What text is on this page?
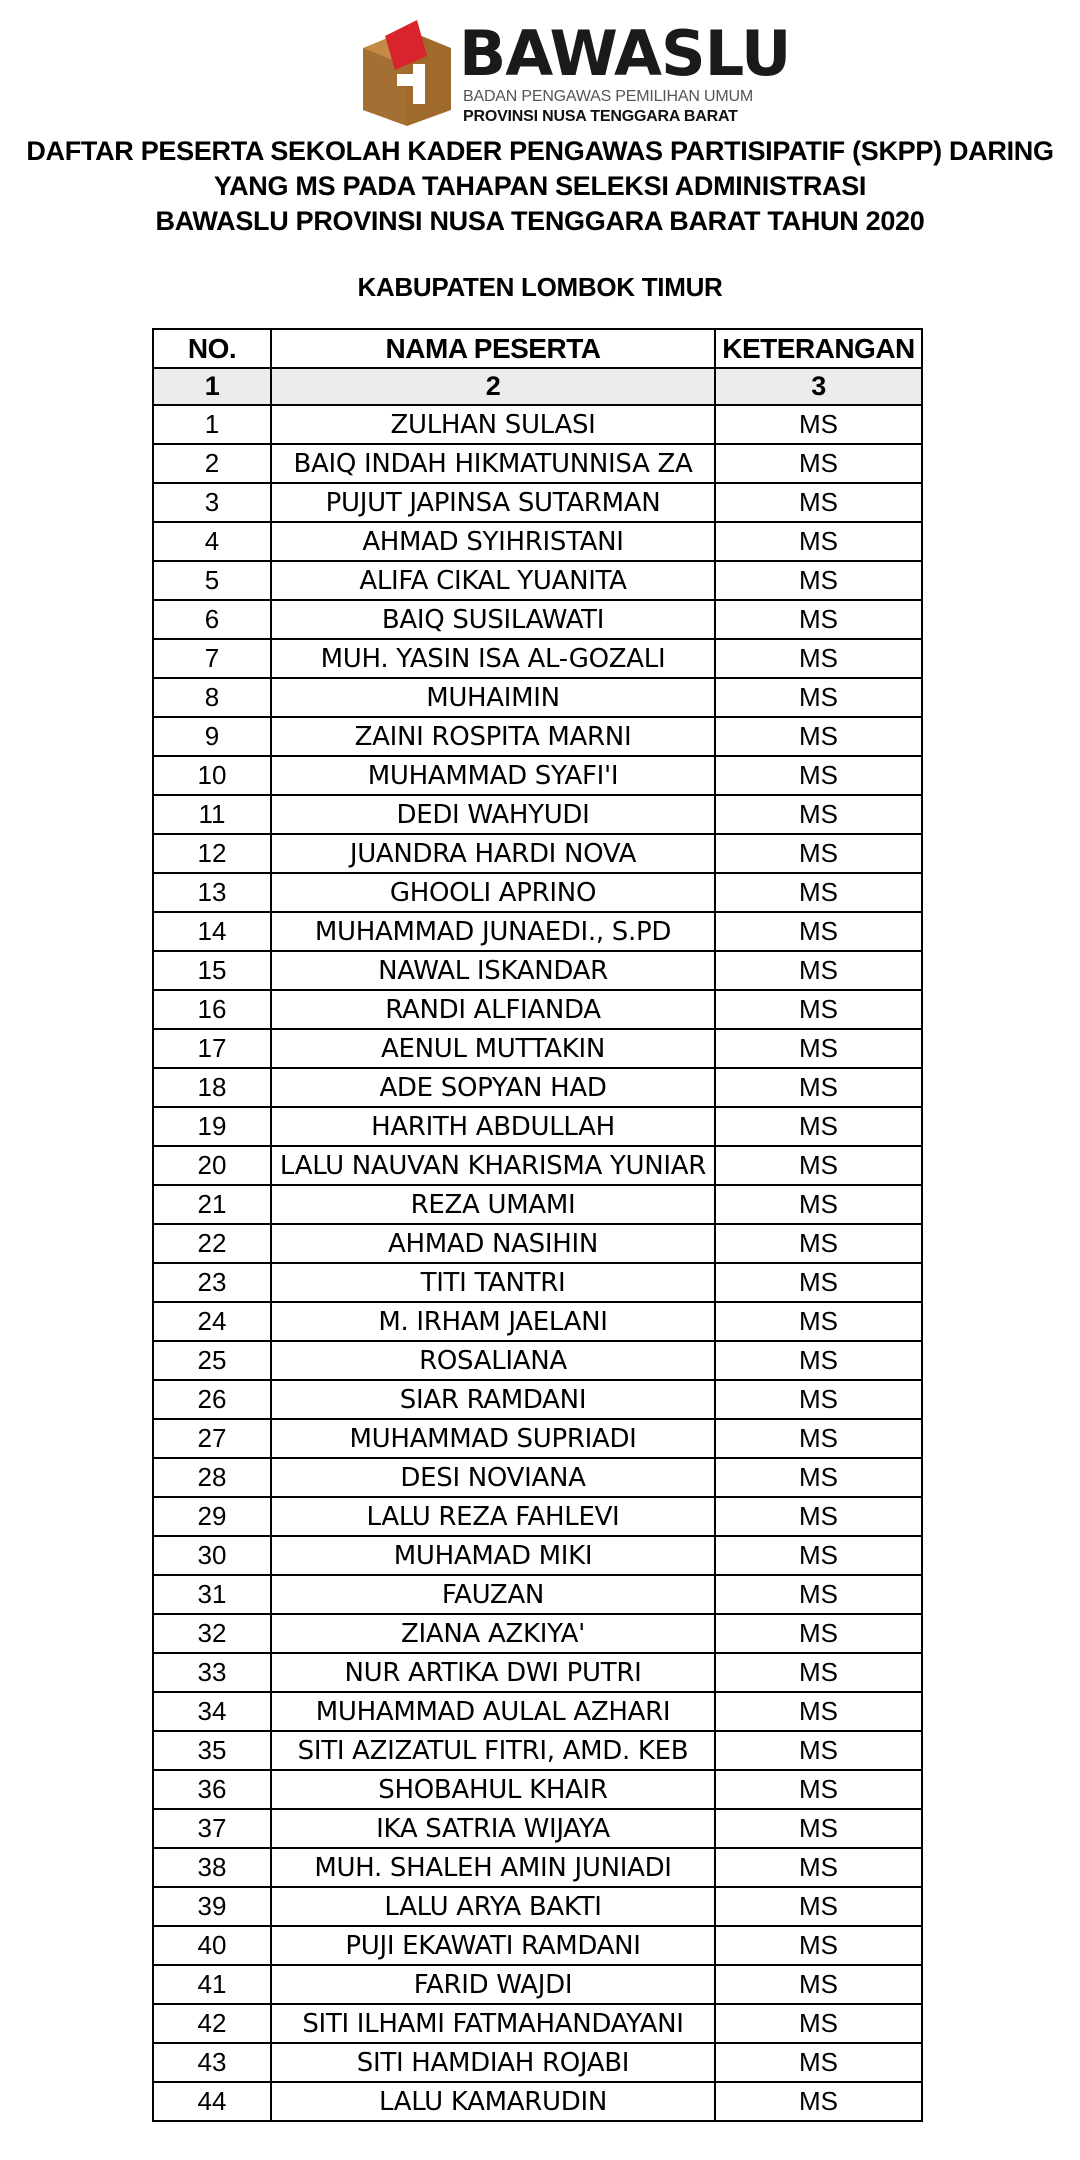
BAWASLU
BADAN PENGAWAS PEMILIHAN UMUM
PROVINSI NUSA TENGGARA BARAT
DAFTAR PESERTA SEKOLAH KADER PENGAWAS PARTISIPATIF (SKPP) DARING
YANG MS PADA TAHAPAN SELEKSI ADMINISTRASI
BAWASLU PROVINSI NUSA TENGGARA BARAT TAHUN 2020
KABUPATEN LOMBOK TIMUR
NO.	NAMA PESERTA	KETERANGAN
1	2	3
1	ZULHAN SULASI	MS
2	BAIQ INDAH HIKMATUNNISA ZA	MS
3	PUJUT JAPINSA SUTARMAN	MS
4	AHMAD SYIHRISTANI	MS
5	ALIFA CIKAL YUANITA	MS
6	BAIQ SUSILAWATI	MS
7	MUH. YASIN ISA AL-GOZALI	MS
8	MUHAIMIN	MS
9	ZAINI ROSPITA MARNI	MS
10	MUHAMMAD SYAFI'I	MS
11	DEDI WAHYUDI	MS
12	JUANDRA HARDI NOVA	MS
13	GHOOLI APRINO	MS
14	MUHAMMAD JUNAEDI., S.PD	MS
15	NAWAL ISKANDAR	MS
16	RANDI ALFIANDA	MS
17	AENUL MUTTAKIN	MS
18	ADE SOPYAN HAD	MS
19	HARITH ABDULLAH	MS
20	LALU NAUVAN KHARISMA YUNIAR	MS
21	REZA UMAMI	MS
22	AHMAD NASIHIN	MS
23	TITI TANTRI	MS
24	M. IRHAM JAELANI	MS
25	ROSALIANA	MS
26	SIAR RAMDANI	MS
27	MUHAMMAD SUPRIADI	MS
28	DESI NOVIANA	MS
29	LALU REZA FAHLEVI	MS
30	MUHAMAD MIKI	MS
31	FAUZAN	MS
32	ZIANA AZKIYA'	MS
33	NUR ARTIKA DWI PUTRI	MS
34	MUHAMMAD AULAL AZHARI	MS
35	SITI AZIZATUL FITRI, AMD. KEB	MS
36	SHOBAHUL KHAIR	MS
37	IKA SATRIA WIJAYA	MS
38	MUH. SHALEH AMIN JUNIADI	MS
39	LALU ARYA BAKTI	MS
40	PUJI EKAWATI RAMDANI	MS
41	FARID WAJDI	MS
42	SITI ILHAMI FATMAHANDAYANI	MS
43	SITI HAMDIAH ROJABI	MS
44	LALU KAMARUDIN	MS
